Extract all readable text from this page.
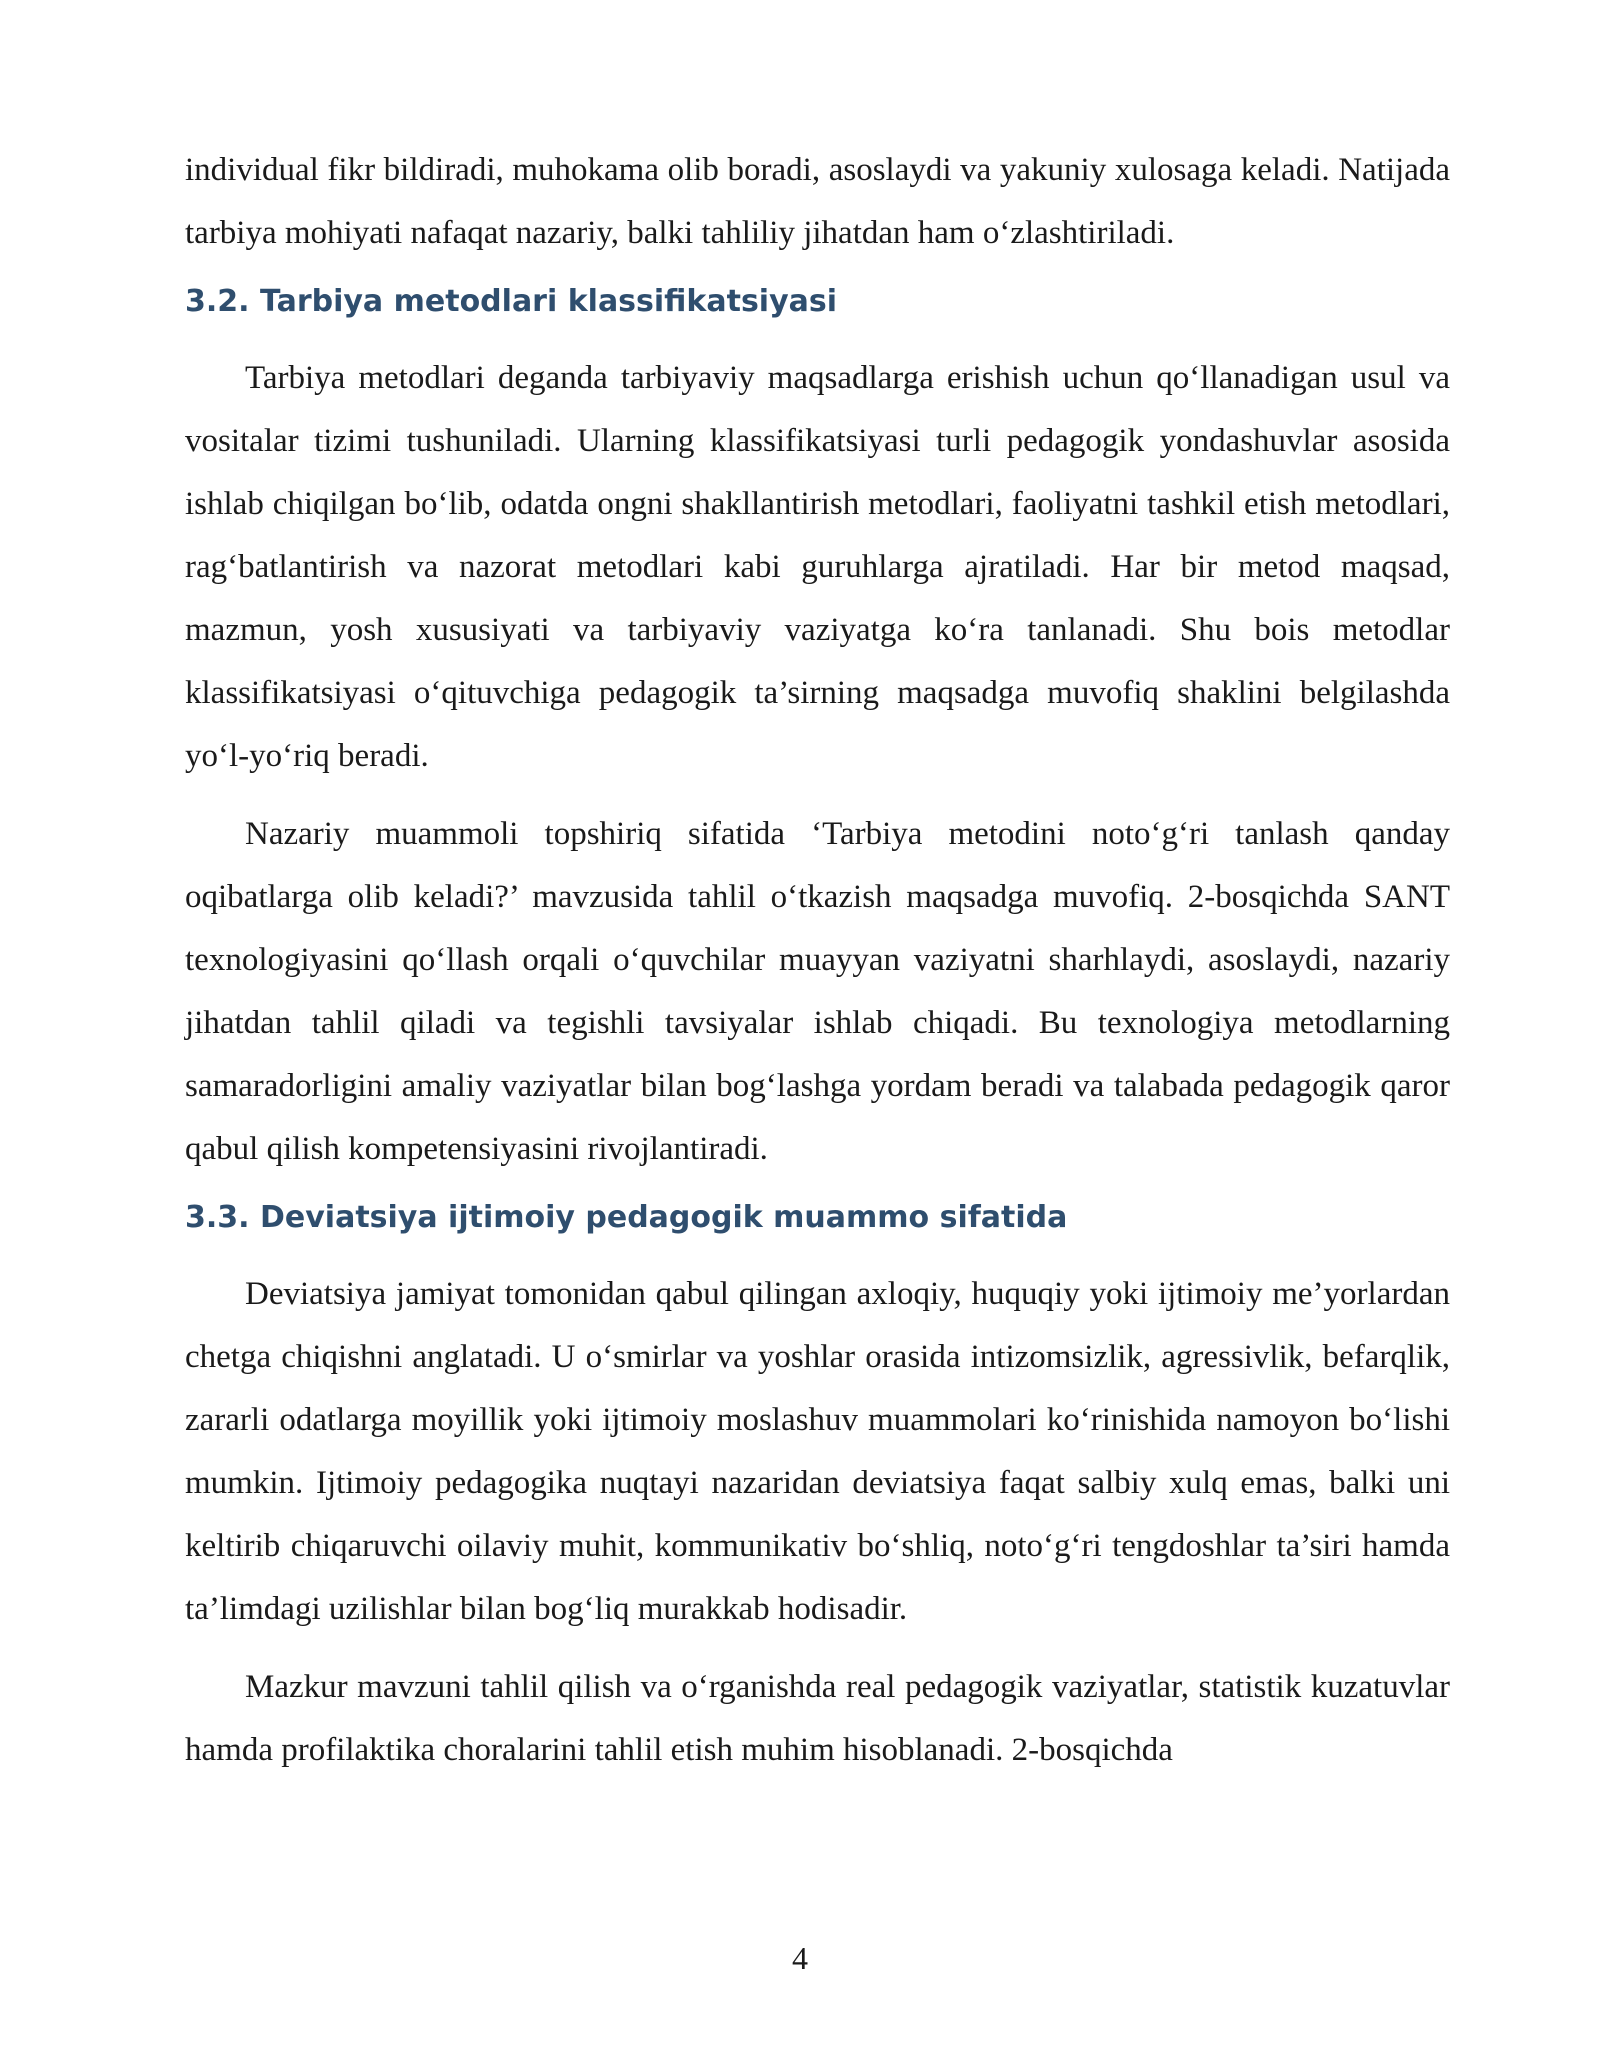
individual fikr bildiradi, muhokama olib boradi, asoslaydi va yakuniy xulosaga keladi. Natijada tarbiya mohiyati nafaqat nazariy, balki tahliliy jihatdan ham o‘zlashtiriladi.

3.2. Tarbiya metodlari klassifikatsiyasi

Tarbiya metodlari deganda tarbiyaviy maqsadlarga erishish uchun qo‘llanadigan usul va vositalar tizimi tushuniladi. Ularning klassifikatsiyasi turli pedagogik yondashuvlar asosida ishlab chiqilgan bo‘lib, odatda ongni shakllantirish metodlari, faoliyatni tashkil etish metodlari, rag‘batlantirish va nazorat metodlari kabi guruhlarga ajratiladi. Har bir metod maqsad, mazmun, yosh xususiyati va tarbiyaviy vaziyatga ko‘ra tanlanadi. Shu bois metodlar klassifikatsiyasi o‘qituvchiga pedagogik ta’sirning maqsadga muvofiq shaklini belgilashda yo‘l-yo‘riq beradi.

Nazariy muammoli topshiriq sifatida ‘Tarbiya metodini noto‘g‘ri tanlash qanday oqibatlarga olib keladi?’ mavzusida tahlil o‘tkazish maqsadga muvofiq. 2-bosqichda SANT texnologiyasini qo‘llash orqali o‘quvchilar muayyan vaziyatni sharhlaydi, asoslaydi, nazariy jihatdan tahlil qiladi va tegishli tavsiyalar ishlab chiqadi. Bu texnologiya metodlarning samaradorligini amaliy vaziyatlar bilan bog‘lashga yordam beradi va talabada pedagogik qaror qabul qilish kompetensiyasini rivojlantiradi.

3.3. Deviatsiya ijtimoiy pedagogik muammo sifatida

Deviatsiya jamiyat tomonidan qabul qilingan axloqiy, huquqiy yoki ijtimoiy me’yorlardan chetga chiqishni anglatadi. U o‘smirlar va yoshlar orasida intizomsizlik, agressivlik, befarqlik, zararli odatlarga moyillik yoki ijtimoiy moslashuv muammolari ko‘rinishida namoyon bo‘lishi mumkin. Ijtimoiy pedagogika nuqtayi nazaridan deviatsiya faqat salbiy xulq emas, balki uni keltirib chiqaruvchi oilaviy muhit, kommunikativ bo‘shliq, noto‘g‘ri tengdoshlar ta’siri hamda ta’limdagi uzilishlar bilan bog‘liq murakkab hodisadir.

Mazkur mavzuni tahlil qilish va o‘rganishda real pedagogik vaziyatlar, statistik kuzatuvlar hamda profilaktika choralarini tahlil etish muhim hisoblanadi. 2-bosqichda

4
